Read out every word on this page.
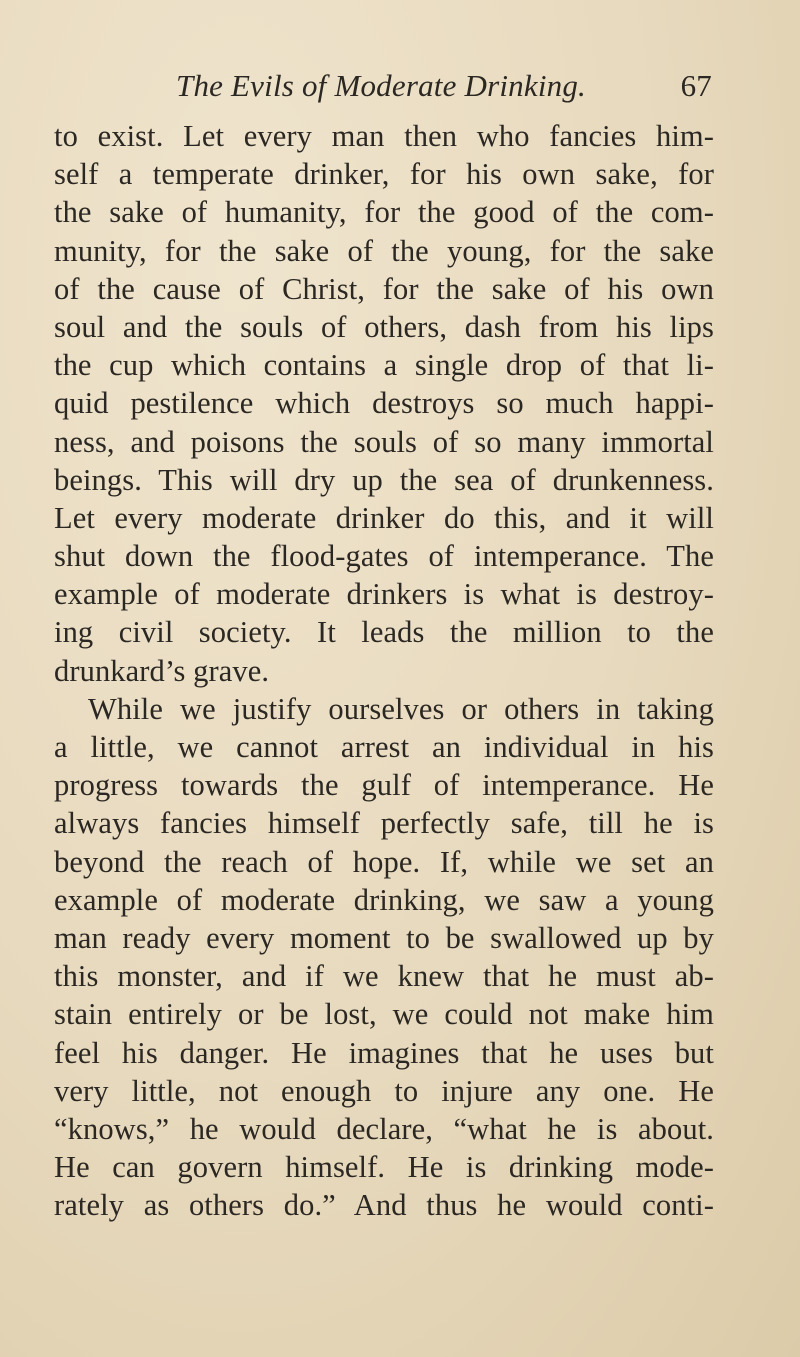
The Evils of Moderate Drinking.	67
to exist. Let every man then who fancies him-
self a temperate drinker, for his own sake, for
the sake of humanity, for the good of the com-
munity, for the sake of the young, for the sake
of the cause of Christ, for the sake of his own
soul and the souls of others, dash from his lips
the cup which contains a single drop of that li-
quid pestilence which destroys so much happi-
ness, and poisons the souls of so many immortal
beings. This will dry up the sea of drunkenness.
Let every moderate drinker do this, and it will
shut down the flood-gates of intemperance. The
example of moderate drinkers is what is destroy-
ing civil society. It leads the million to the
drunkard’s grave.
While we justify ourselves or others in taking
a little, we cannot arrest an individual in his
progress towards the gulf of intemperance. He
always fancies himself perfectly safe, till he is
beyond the reach of hope. If, while we set an
example of moderate drinking, we saw a young
man ready every moment to be swallowed up by
this monster, and if we knew that he must ab-
stain entirely or be lost, we could not make him
feel his danger. He imagines that he uses but
very little, not enough to injure any one. He
“knows,” he would declare, “what he is about.
He can govern himself. He is drinking mode-
rately as others do.” And thus he would conti-
